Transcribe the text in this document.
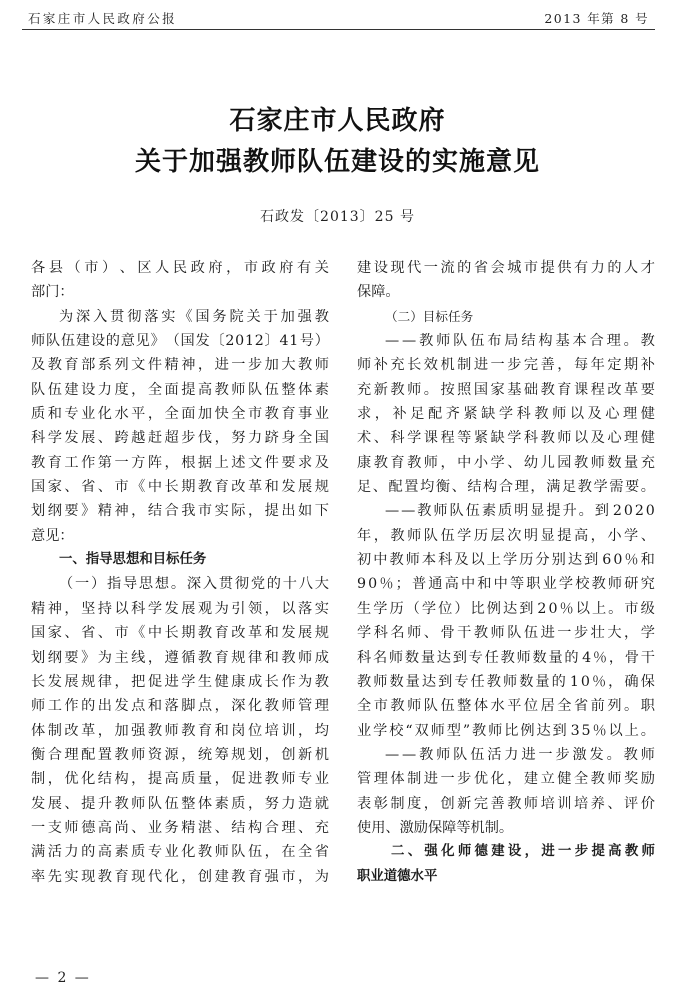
石家庄市人民政府公报	2013 年第 8 号
石家庄市人民政府
关于加强教师队伍建设的实施意见
石政发〔2013〕25 号
各 县 （ 市 ） 、 区 人 民 政 府 ， 市 政 府 有 关
部门：
为 深 入 贯 彻 落 实 《 国 务 院 关 于 加 强 教
师 队 伍 建 设 的 意 见 》 （ 国 发 〔 2 0 1 2 〕 4 1 号 ）
及 教 育 部 系 列 文 件 精 神 ， 进 一 步 加 大 教 师
队 伍 建 设 力 度 ， 全 面 提 高 教 师 队 伍 整 体 素
质 和 专 业 化 水 平 ， 全 面 加 快 全 市 教 育 事 业
科 学 发 展 、 跨 越 赶 超 步 伐 ， 努 力 跻 身 全 国
教 育 工 作 第 一 方 阵 ， 根 据 上 述 文 件 要 求 及
国 家 、 省 、 市 《 中 长 期 教 育 改 革 和 发 展 规
划 纲 要 》 精 神 ， 结 合 我 市 实 际 ， 提 出 如 下
意见：
一、指导思想和目标任务
（ 一 ） 指 导 思 想 。 深 入 贯 彻 党 的 十 八 大
精 神 ， 坚 持 以 科 学 发 展 观 为 引 领 ， 以 落 实
国 家 、 省 、 市 《 中 长 期 教 育 改 革 和 发 展 规
划 纲 要 》 为 主 线 ， 遵 循 教 育 规 律 和 教 师 成
长 发 展 规 律 ， 把 促 进 学 生 健 康 成 长 作 为 教
师 工 作 的 出 发 点 和 落 脚 点 ， 深 化 教 师 管 理
体 制 改 革 ， 加 强 教 师 教 育 和 岗 位 培 训 ， 均
衡 合 理 配 置 教 师 资 源 ， 统 筹 规 划 ， 创 新 机
制 ， 优 化 结 构 ， 提 高 质 量 ， 促 进 教 师 专 业
发 展 、 提 升 教 师 队 伍 整 体 素 质 ， 努 力 造 就
一 支 师 德 高 尚 、 业 务 精 湛 、 结 构 合 理 、 充
满 活 力 的 高 素 质 专 业 化 教 师 队 伍 ， 在 全 省
率 先 实 现 教 育 现 代 化 ， 创 建 教 育 强 市 ， 为
建 设 现 代 一 流 的 省 会 城 市 提 供 有 力 的 人 才
保障。
（二）目标任务
— — 教 师 队 伍 布 局 结 构 基 本 合 理 。 教
师 补 充 长 效 机 制 进 一 步 完 善 ， 每 年 定 期 补
充 新 教 师 。 按 照 国 家 基 础 教 育 课 程 改 革 要
求 ， 补 足 配 齐 紧 缺 学 科 教 师 以 及 心 理 健
术 、 科 学 课 程 等 紧 缺 学 科 教 师 以 及 心 理 健
康 教 育 教 师 ， 中 小 学 、 幼 儿 园 教 师 数 量 充
足 、 配 置 均 衡 、 结 构 合 理 ， 满 足 教 学 需 要 。
— — 教 师 队 伍 素 质 明 显 提 升 。 到 2 0 2 0
年 ， 教 师 队 伍 学 历 层 次 明 显 提 高 ， 小 学 、
初 中 教 师 本 科 及 以 上 学 历 分 别 达 到 6 0 ％ 和
9 0 ％ ； 普 通 高 中 和 中 等 职 业 学 校 教 师 研 究
生 学 历 （ 学 位 ） 比 例 达 到 2 0 ％ 以 上 。 市 级
学 科 名 师 、 骨 干 教 师 队 伍 进 一 步 壮 大 ， 学
科 名 师 数 量 达 到 专 任 教 师 数 量 的 4 ％ ， 骨 干
教 师 数 量 达 到 专 任 教 师 数 量 的 1 0 ％ ， 确 保
全 市 教 师 队 伍 整 体 水 平 位 居 全 省 前 列 。 职
业 学 校 “ 双 师 型 ” 教 师 比 例 达 到 3 5 ％ 以 上 。
— — 教 师 队 伍 活 力 进 一 步 激 发 。 教 师
管 理 体 制 进 一 步 优 化 ， 建 立 健 全 教 师 奖 励
表 彰 制 度 ， 创 新 完 善 教 师 培 训 培 养 、 评 价
使用、激励保障等机制。
二 、 强 化 师 德 建 设 ， 进 一 步 提 高 教 师
职业道德水平
— 2 —
